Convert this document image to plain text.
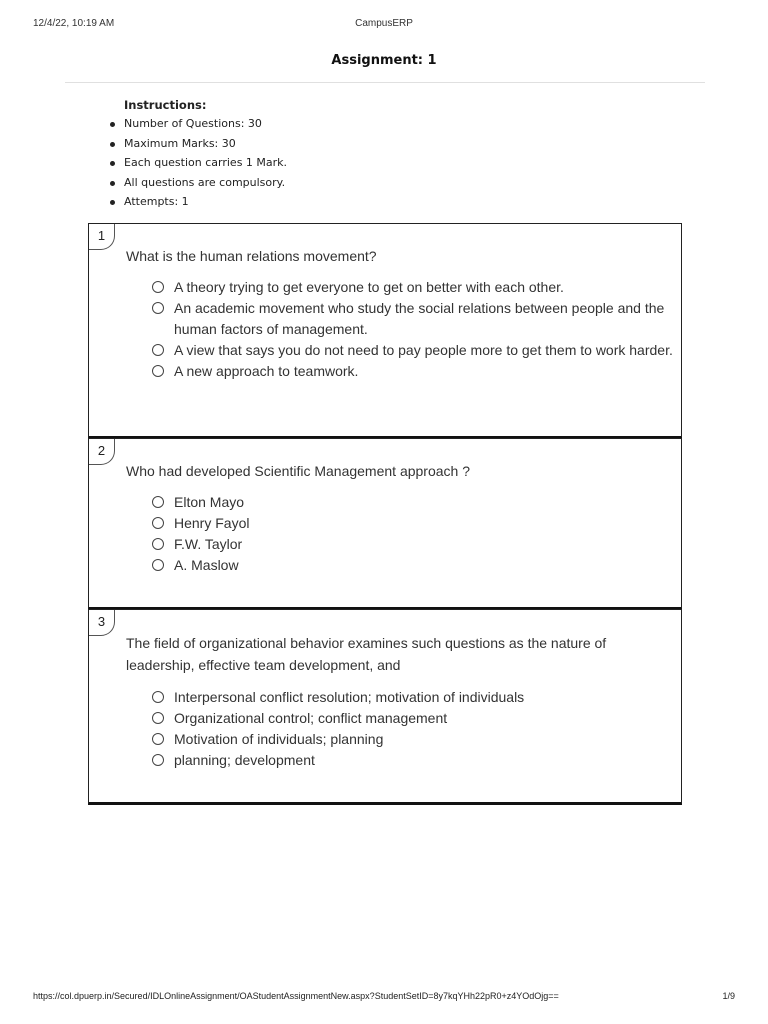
12/4/22, 10:19 AM	CampusERP
Assignment: 1
Instructions:
Number of Questions: 30
Maximum Marks: 30
Each question carries 1 Mark.
All questions are compulsory.
Attempts: 1
1
What is the human relations movement?
A theory trying to get everyone to get on better with each other.
An academic movement who study the social relations between people and the human factors of management.
A view that says you do not need to pay people more to get them to work harder.
A new approach to teamwork.
2
Who had developed Scientific Management approach ?
Elton Mayo
Henry Fayol
F.W. Taylor
A. Maslow
3
The field of organizational behavior examines such questions as the nature of leadership, effective team development, and
Interpersonal conflict resolution; motivation of individuals
Organizational control; conflict management
Motivation of individuals; planning
planning; development
https://col.dpuerp.in/Secured/IDLOnlineAssignment/OAStudentAssignmentNew.aspx?StudentSetID=8y7kqYHh22pR0+z4YOdOjg==	1/9
